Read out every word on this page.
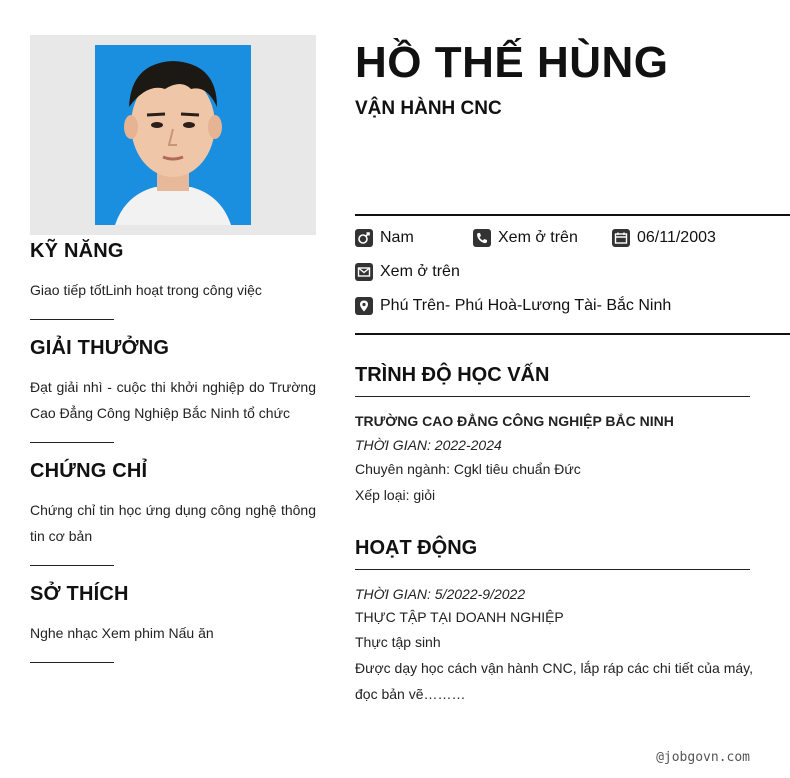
KỸ NĂNG
Giao tiếp tốtLinh hoạt trong công việc
GIẢI THƯỞNG
Đạt giải nhì - cuộc thi khởi nghiệp do Trường Cao Đẳng Công Nghiệp Bắc Ninh tổ chức
CHỨNG CHỈ
Chứng chỉ tin học ứng dụng công nghệ thông tin cơ bản
SỞ THÍCH
Nghe nhạc Xem phim Nấu ăn
HỒ THẾ HÙNG
VẬN HÀNH CNC
Nam	Xem ở trên	06/11/2003
Xem ở trên
Phú Trên- Phú Hoà-Lương Tài- Bắc Ninh
TRÌNH ĐỘ HỌC VẤN
TRƯỜNG CAO ĐẲNG CÔNG NGHIỆP BẮC NINH
THỜI GIAN: 2022-2024
Chuyên ngành: Cgkl tiêu chuẩn Đức
Xếp loại: giỏi
HOẠT ĐỘNG
THỜI GIAN: 5/2022-9/2022
THỰC TẬP TẠI DOANH NGHIỆP
Thực tập sinh
Được dạy học cách vận hành CNC, lắp ráp các chi tiết của máy,
đọc bản vẽ………
@jobgovn.com
